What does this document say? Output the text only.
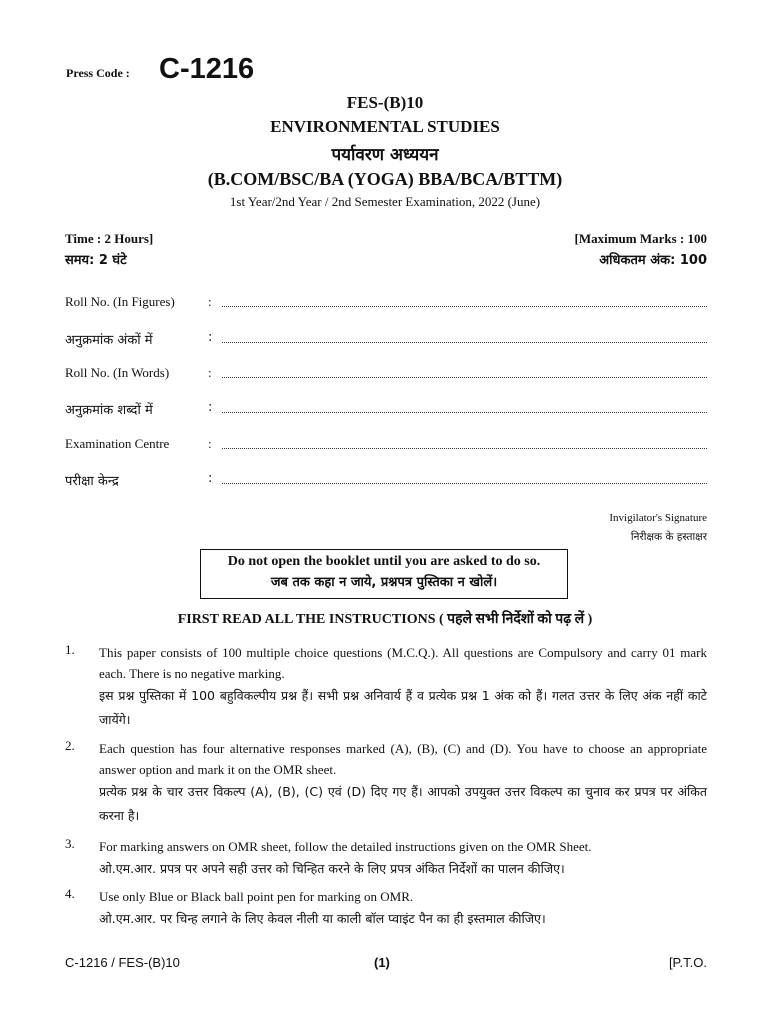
Press Code : C-1216
FES-(B)10
ENVIRONMENTAL STUDIES
पर्यावरण अध्ययन
(B.COM/BSC/BA (YOGA) BBA/BCA/BTTM)
1st Year/2nd Year / 2nd Semester Examination, 2022 (June)
Time : 2 Hours]
समय: 2 घंटे
[Maximum Marks : 100
अधिकतम अंक: 100
Roll No. (In Figures)	:
अनुक्रमांक अंकों में	:
Roll No. (In Words)	:
अनुक्रमांक शब्दों में	:
Examination Centre	:
परीक्षा केन्द्र	:
Invigilator's Signature
निरीक्षक के हस्ताक्षर
Do not open the booklet until you are asked to do so.
जब तक कहा न जाये, प्रश्नपत्र पुस्तिका न खोलें।
FIRST READ ALL THE INSTRUCTIONS ( पहले सभी निर्देशों को पढ़ लें )
1. This paper consists of 100 multiple choice questions (M.C.Q.). All questions are Compulsory and carry 01 mark each. There is no negative marking.
इस प्रश्न पुस्तिका में 100 बहुविकल्पीय प्रश्न हैं। सभी प्रश्न अनिवार्य हैं व प्रत्येक प्रश्न 1 अंक को हैं। गलत उत्तर के लिए अंक नहीं काटे जायेंगे।
2. Each question has four alternative responses marked (A), (B), (C) and (D). You have to choose an appropriate answer option and mark it on the OMR sheet.
प्रत्येक प्रश्न के चार उत्तर विकल्प (A), (B), (C) एवं (D) दिए गए हैं। आपको उपयुक्त उत्तर विकल्प का चुनाव कर प्रपत्र पर अंकित करना है।
3. For marking answers on OMR sheet, follow the detailed instructions given on the OMR Sheet.
ओ.एम.आर. प्रपत्र पर अपने सही उत्तर को चिन्हित करने के लिए प्रपत्र अंकित निर्देशों का पालन कीजिए।
4. Use only Blue or Black ball point pen for marking on OMR.
ओ.एम.आर. पर चिन्ह लगाने के लिए केवल नीली या काली बॉल प्वाइंट पैन का ही इस्तमाल कीजिए।
C-1216 / FES-(B)10	(1)	[P.T.O.
